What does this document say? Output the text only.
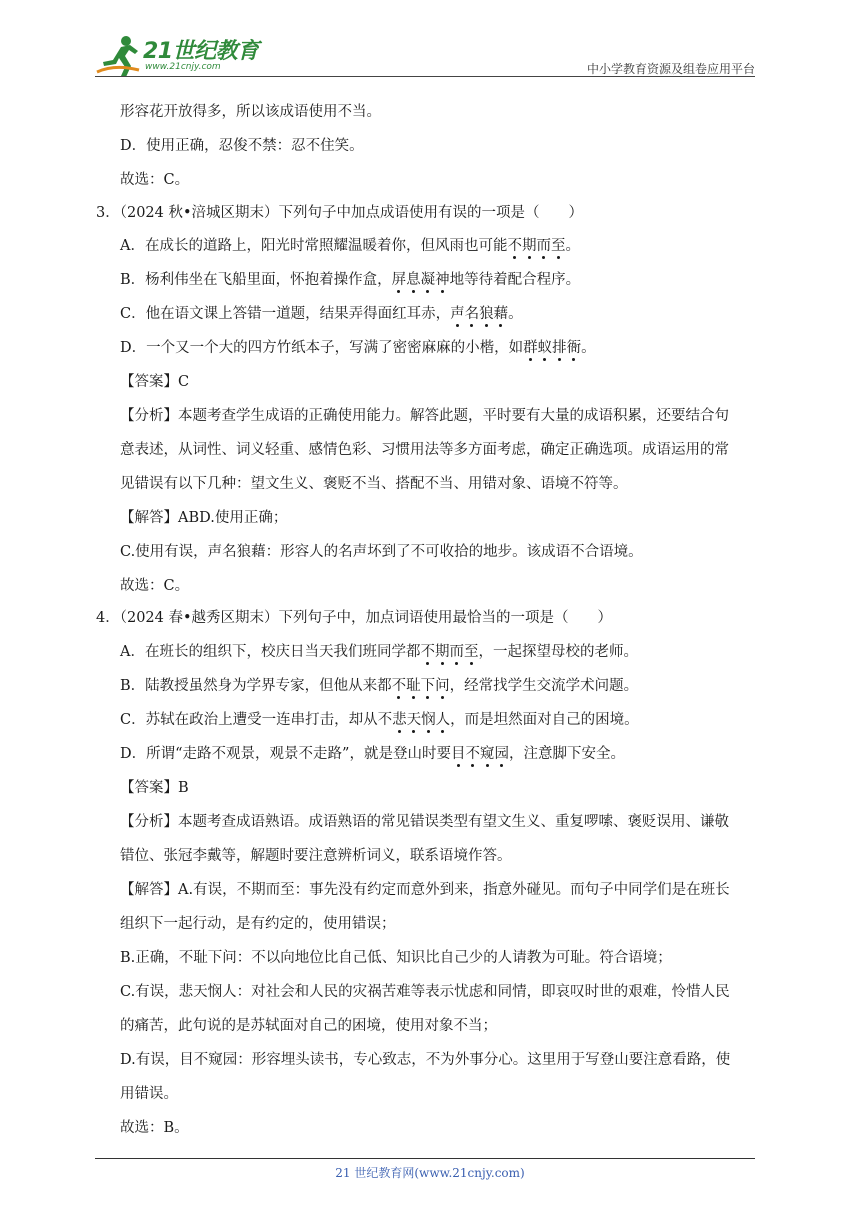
21世纪教育
www.21cnjy.com	中小学教育资源及组卷应用平台
形容花开放得多，所以该成语使用不当。
D．使用正确，忍俊不禁：忍不住笑。
故选：C。
3．（2024 秋•涪城区期末）下列句子中加点成语使用有误的一项是（　　）
A．在成长的道路上，阳光时常照耀温暖着你，但风雨也可能不期而至。
B．杨利伟坐在飞船里面，怀抱着操作盒，屏息凝神地等待着配合程序。
C．他在语文课上答错一道题，结果弄得面红耳赤，声名狼藉。
D．一个又一个大的四方竹纸本子，写满了密密麻麻的小楷，如群蚁排衙。
【答案】C
【分析】本题考查学生成语的正确使用能力。解答此题，平时要有大量的成语积累，还要结合句
意表述，从词性、词义轻重、感情色彩、习惯用法等多方面考虑，确定正确选项。成语运用的常
见错误有以下几种：望文生义、褒贬不当、搭配不当、用错对象、语境不符等。
【解答】ABD.使用正确；
C.使用有误，声名狼藉：形容人的名声坏到了不可收拾的地步。该成语不合语境。
故选：C。
4．（2024 春•越秀区期末）下列句子中，加点词语使用最恰当的一项是（　　）
A．在班长的组织下，校庆日当天我们班同学都不期而至，一起探望母校的老师。
B．陆教授虽然身为学界专家，但他从来都不耻下问，经常找学生交流学术问题。
C．苏轼在政治上遭受一连串打击，却从不悲天悯人，而是坦然面对自己的困境。
D．所谓“走路不观景，观景不走路”，就是登山时要目不窥园，注意脚下安全。
【答案】B
【分析】本题考查成语熟语。成语熟语的常见错误类型有望文生义、重复啰嗦、褒贬误用、谦敬
错位、张冠李戴等，解题时要注意辨析词义，联系语境作答。
【解答】A.有误，不期而至：事先没有约定而意外到来，指意外碰见。而句子中同学们是在班长
组织下一起行动，是有约定的，使用错误；
B.正确，不耻下问：不以向地位比自己低、知识比自己少的人请教为可耻。符合语境；
C.有误，悲天悯人：对社会和人民的灾祸苦难等表示忧虑和同情，即哀叹时世的艰难，怜惜人民
的痛苦，此句说的是苏轼面对自己的困境，使用对象不当；
D.有误，目不窥园：形容埋头读书，专心致志，不为外事分心。这里用于写登山要注意看路，使
用错误。
故选：B。
21 世纪教育网(www.21cnjy.com)
